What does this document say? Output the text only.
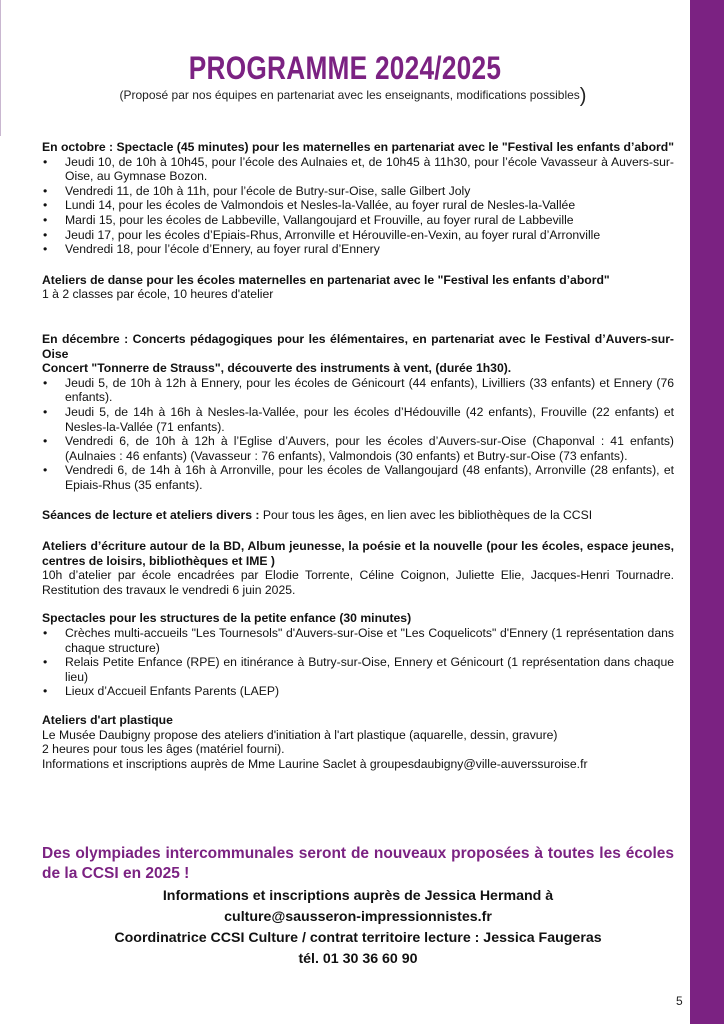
PROGRAMME 2024/2025
(Proposé par nos équipes en partenariat avec les enseignants, modifications possibles)

En octobre : Spectacle (45 minutes) pour les maternelles en partenariat avec le "Festival les enfants d’abord"

• Jeudi 10, de 10h à 10h45, pour l’école des Aulnaies et, de 10h45 à 11h30, pour l’école Vavasseur à Auvers-sur-Oise, au Gymnase Bozon.
• Vendredi 11, de 10h à 11h, pour l’école de Butry-sur-Oise, salle Gilbert Joly
• Lundi 14, pour les écoles de Valmondois et Nesles-la-Vallée, au foyer rural de Nesles-la-Vallée
• Mardi 15, pour les écoles de Labbeville, Vallangoujard et Frouville, au foyer rural de Labbeville
• Jeudi 17, pour les écoles d’Epiais-Rhus, Arronville et Hérouville-en-Vexin, au foyer rural d’Arronville
• Vendredi 18, pour l’école d’Ennery, au foyer rural d’Ennery

Ateliers de danse pour les écoles maternelles en partenariat avec le "Festival les enfants d’abord"

1 à 2 classes par école, 10 heures d'atelier

En décembre : Concerts pédagogiques pour les élémentaires, en partenariat avec le Festival d’Auvers-sur-Oise

Concert "Tonnerre de Strauss", découverte des instruments à vent, (durée 1h30).

• Jeudi 5, de 10h à 12h à Ennery, pour les écoles de Génicourt (44 enfants), Livilliers (33 enfants) et Ennery (76 enfants).
• Jeudi 5, de 14h à 16h à Nesles-la-Vallée, pour les écoles d’Hédouville (42 enfants), Frouville (22 enfants) et Nesles-la-Vallée (71 enfants).
• Vendredi 6, de 10h à 12h à l’Eglise d’Auvers, pour les écoles d’Auvers-sur-Oise (Chaponval : 41 enfants) (Aulnaies : 46 enfants) (Vavasseur : 76 enfants), Valmondois (30 enfants) et Butry-sur-Oise (73 enfants).
• Vendredi 6, de 14h à 16h à Arronville, pour les écoles de Vallangoujard (48 enfants), Arronville (28 enfants), et Epiais-Rhus (35 enfants).

Séances de lecture et ateliers divers : Pour tous les âges, en lien avec les bibliothèques de la CCSI

Ateliers d’écriture autour de la BD, Album jeunesse, la poésie et la nouvelle (pour les écoles, espace jeunes, centres de loisirs, bibliothèques et IME )

10h d’atelier par école encadrées par Elodie Torrente, Céline Coignon, Juliette Elie, Jacques-Henri Tournadre. Restitution des travaux le vendredi 6 juin 2025.

Spectacles pour les structures de la petite enfance (30 minutes)

• Crèches multi-accueils "Les Tournesols" d'Auvers-sur-Oise et "Les Coquelicots" d'Ennery (1 représentation dans chaque structure)
• Relais Petite Enfance (RPE) en itinérance à Butry-sur-Oise, Ennery et Génicourt (1 représentation dans chaque lieu)
• Lieux d’Accueil Enfants Parents (LAEP)

Ateliers d'art plastique

Le Musée Daubigny propose des ateliers d'initiation à l'art plastique (aquarelle, dessin, gravure)

2 heures pour tous les âges (matériel fourni).

Informations et inscriptions auprès de Mme Laurine Saclet à groupesdaubigny@ville-auverssuroise.fr

Des olympiades intercommunales seront de nouveaux proposées à toutes les écoles de la CCSI en 2025 !

Informations et inscriptions auprès de Jessica Hermand à
culture@sausseron-impressionnistes.fr
Coordinatrice CCSI Culture / contrat territoire lecture : Jessica Faugeras
tél. 01 30 36 60 90
5
